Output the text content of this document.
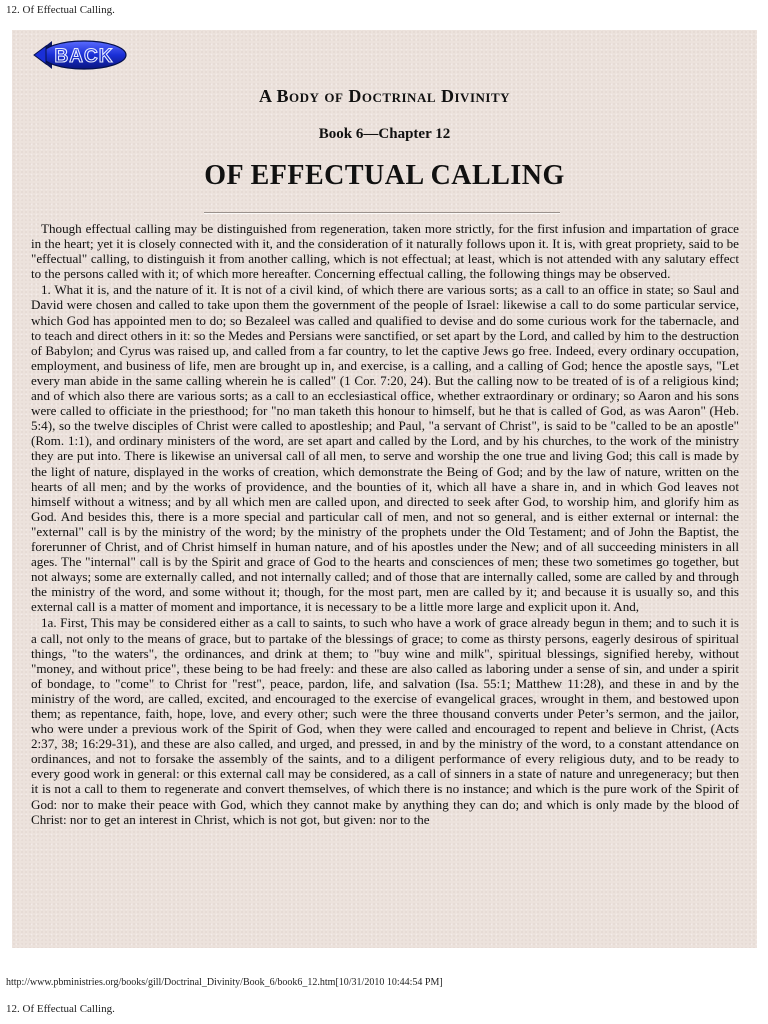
12. Of Effectual Calling.
BACK
A Body of Doctrinal Divinity
Book 6—Chapter 12
OF EFFECTUAL CALLING

Though effectual calling may be distinguished from regeneration, taken more strictly, for the first infusion and impartation of grace in the heart; yet it is closely connected with it, and the consideration of it naturally follows upon it. It is, with great propriety, said to be "effectual" calling, to distinguish it from another calling, which is not effectual; at least, which is not attended with any salutary effect to the persons called with it; of which more hereafter. Concerning effectual calling, the following things may be observed.

1. What it is, and the nature of it. It is not of a civil kind, of which there are various sorts; as a call to an office in state; so Saul and David were chosen and called to take upon them the government of the people of Israel: likewise a call to do some particular service, which God has appointed men to do; so Bezaleel was called and qualified to devise and do some curious work for the tabernacle, and to teach and direct others in it: so the Medes and Persians were sanctified, or set apart by the Lord, and called by him to the destruction of Babylon; and Cyrus was raised up, and called from a far country, to let the captive Jews go free. Indeed, every ordinary occupation, employment, and business of life, men are brought up in, and exercise, is a calling, and a calling of God; hence the apostle says, "Let every man abide in the same calling wherein he is called" (1 Cor. 7:20, 24). But the calling now to be treated of is of a religious kind; and of which also there are various sorts; as a call to an ecclesiastical office, whether extraordinary or ordinary; so Aaron and his sons were called to officiate in the priesthood; for "no man taketh this honour to himself, but he that is called of God, as was Aaron" (Heb. 5:4), so the twelve disciples of Christ were called to apostleship; and Paul, "a servant of Christ", is said to be "called to be an apostle" (Rom. 1:1), and ordinary ministers of the word, are set apart and called by the Lord, and by his churches, to the work of the ministry they are put into. There is likewise an universal call of all men, to serve and worship the one true and living God; this call is made by the light of nature, displayed in the works of creation, which demonstrate the Being of God; and by the law of nature, written on the hearts of all men; and by the works of providence, and the bounties of it, which all have a share in, and in which God leaves not himself without a witness; and by all which men are called upon, and directed to seek after God, to worship him, and glorify him as God. And besides this, there is a more special and particular call of men, and not so general, and is either external or internal: the "external" call is by the ministry of the word; by the ministry of the prophets under the Old Testament; and of John the Baptist, the forerunner of Christ, and of Christ himself in human nature, and of his apostles under the New; and of all succeeding ministers in all ages. The "internal" call is by the Spirit and grace of God to the hearts and consciences of men; these two sometimes go together, but not always; some are externally called, and not internally called; and of those that are internally called, some are called by and through the ministry of the word, and some without it; though, for the most part, men are called by it; and because it is usually so, and this external call is a matter of moment and importance, it is necessary to be a little more large and explicit upon it. And,

1a. First, This may be considered either as a call to saints, to such who have a work of grace already begun in them; and to such it is a call, not only to the means of grace, but to partake of the blessings of grace; to come as thirsty persons, eagerly desirous of spiritual things, "to the waters", the ordinances, and drink at them; to "buy wine and milk", spiritual blessings, signified hereby, without "money, and without price", these being to be had freely: and these are also called as laboring under a sense of sin, and under a spirit of bondage, to "come" to Christ for "rest", peace, pardon, life, and salvation (Isa. 55:1; Matthew 11:28), and these in and by the ministry of the word, are called, excited, and encouraged to the exercise of evangelical graces, wrought in them, and bestowed upon them; as repentance, faith, hope, love, and every other; such were the three thousand converts under Peter’s sermon, and the jailor, who were under a previous work of the Spirit of God, when they were called and encouraged to repent and believe in Christ, (Acts 2:37, 38; 16:29-31), and these are also called, and urged, and pressed, in and by the ministry of the word, to a constant attendance on ordinances, and not to forsake the assembly of the saints, and to a diligent performance of every religious duty, and to be ready to every good work in general: or this external call may be considered, as a call of sinners in a state of nature and unregeneracy; but then it is not a call to them to regenerate and convert themselves, of which there is no instance; and which is the pure work of the Spirit of God: nor to make their peace with God, which they cannot make by anything they can do; and which is only made by the blood of Christ: nor to get an interest in Christ, which is not got, but given: nor to the

http://www.pbministries.org/books/gill/Doctrinal_Divinity/Book_6/book6_12.htm[10/31/2010 10:44:54 PM]
12. Of Effectual Calling.
